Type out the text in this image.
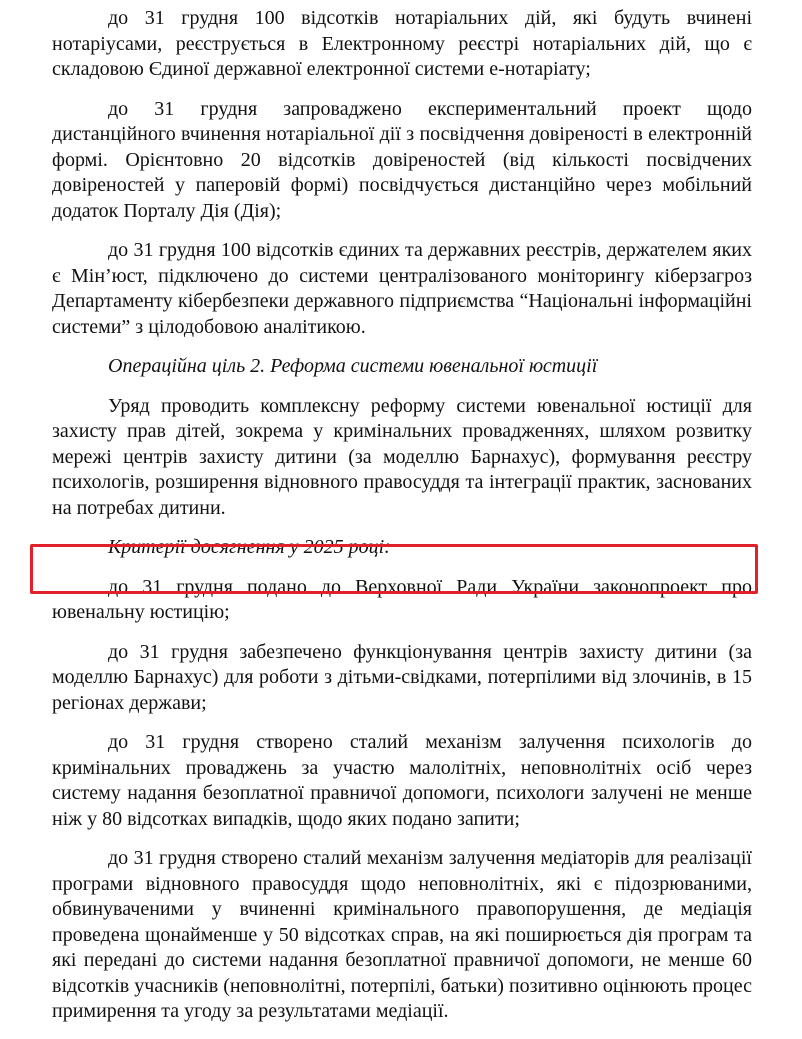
до 31 грудня 100 відсотків нотаріальних дій, які будуть вчинені нотаріусами, реєструється в Електронному реєстрі нотаріальних дій, що є складовою Єдиної державної електронної системи е-нотаріату;

до 31 грудня запроваджено експериментальний проект щодо дистанційного вчинення нотаріальної дії з посвідчення довіреності в електронній формі. Орієнтовно 20 відсотків довіреностей (від кількості посвідчених довіреностей у паперовій формі) посвідчується дистанційно через мобільний додаток Порталу Дія (Дія);

до 31 грудня 100 відсотків єдиних та державних реєстрів, держателем яких є Мін’юст, підключено до системи централізованого моніторингу кіберзагроз Департаменту кібербезпеки державного підприємства “Національні інформаційні системи” з цілодобовою аналітикою.

Операційна ціль 2. Реформа системи ювенальної юстиції

Уряд проводить комплексну реформу системи ювенальної юстиції для захисту прав дітей, зокрема у кримінальних провадженнях, шляхом розвитку мережі центрів захисту дитини (за моделлю Барнахус), формування реєстру психологів, розширення відновного правосуддя та інтеграції практик, заснованих на потребах дитини.

Критерії досягнення у 2025 році:

до 31 грудня подано до Верховної Ради України законопроект про ювенальну юстицію;

до 31 грудня забезпечено функціонування центрів захисту дитини (за моделлю Барнахус) для роботи з дітьми-свідками, потерпілими від злочинів, в 15 регіонах держави;

до 31 грудня створено сталий механізм залучення психологів до кримінальних проваджень за участю малолітніх, неповнолітніх осіб через систему надання безоплатної правничої допомоги, психологи залучені не менше ніж у 80 відсотках випадків, щодо яких подано запити;

до 31 грудня створено сталий механізм залучення медіаторів для реалізації програми відновного правосуддя щодо неповнолітніх, які є підозрюваними, обвинуваченими у вчиненні кримінального правопорушення, де медіація проведена щонайменше у 50 відсотках справ, на які поширюється дія програм та які передані до системи надання безоплатної правничої допомоги, не менше 60 відсотків учасників (неповнолітні, потерпілі, батьки) позитивно оцінюють процес примирення та угоду за результатами медіації.
